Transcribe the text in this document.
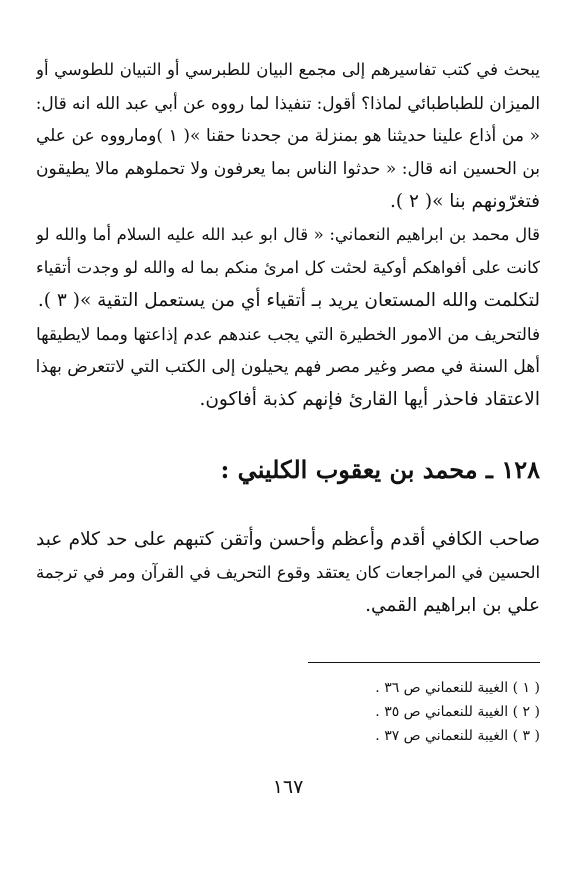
يبحث في كتب تفاسيرهم إلى مجمع البيان للطبرسي أو التبيان للطوسي أو
الميزان للطباطبائي لماذا؟ أقول: تنفيذا لما رووه عن أبي عبد الله انه قال:
« من أذاع علينا حديثنا هو بمنزلة من جحدنا حقنا »( ١ )ومارووه عن علي
بن الحسين انه قال: « حدثوا الناس بما يعرفون ولا تحملوهم مالا يطيقون
فتغرّونهم بنا »( ٢ ).
قال محمد بن ابراهيم النعماني: « قال ابو عبد الله عليه السلام أما والله لو
كانت على أفواهكم أوكية لحثت كل امرئ منكم بما له والله لو وجدت أتقياء
لتكلمت والله المستعان يريد بـ أتقياء أي من يستعمل التقية »( ٣ ).
فالتحريف من الامور الخطيرة التي يجب عندهم عدم إذاعتها ومما لايطيقها
أهل السنة في مصر وغير مصر فهم يحيلون إلى الكتب التي لاتتعرض بهذا
الاعتقاد فاحذر أيها القارئ فإنهم كذبة أفاكون.
١٢٨ ـ محمد بن يعقوب الكليني :
صاحب الكافي أقدم وأعظم وأحسن وأتقن كتبهم على حد كلام عبد
الحسين في المراجعات كان يعتقد وقوع التحريف في القرآن ومر في ترجمة
علي بن ابراهيم القمي.
( ١ ) الغيبة للنعماني ص ٣٦ .
( ٢ ) الغيبة للنعماني ص ٣٥ .
( ٣ ) الغيبة للنعماني ص ٣٧ .
١٦٧
